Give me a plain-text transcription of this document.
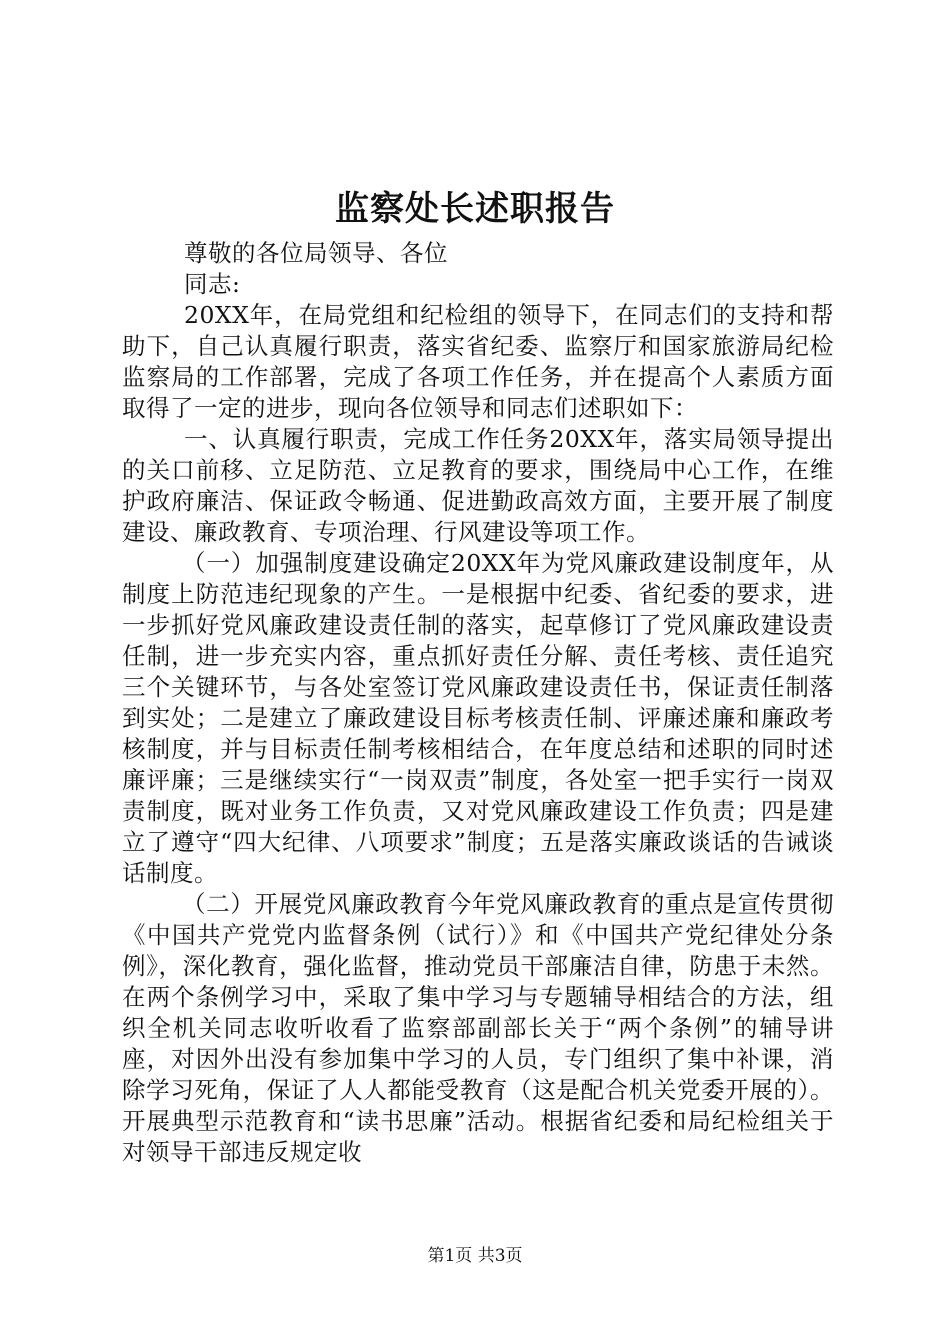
监察处长述职报告

尊敬的各位局领导、各位

同志:

20XX年，在局党组和纪检组的领导下，在同志们的支持和帮助下，自己认真履行职责，落实省纪委、监察厅和国家旅游局纪检监察局的工作部署，完成了各项工作任务，并在提高个人素质方面取得了一定的进步，现向各位领导和同志们述职如下：

一、认真履行职责，完成工作任务20XX年，落实局领导提出的关口前移、立足防范、立足教育的要求，围绕局中心工作，在维护政府廉洁、保证政令畅通、促进勤政高效方面，主要开展了制度建设、廉政教育、专项治理、行风建设等项工作。

（一）加强制度建设确定20XX年为党风廉政建设制度年，从制度上防范违纪现象的产生。一是根据中纪委、省纪委的要求，进一步抓好党风廉政建设责任制的落实，起草修订了党风廉政建设责任制，进一步充实内容，重点抓好责任分解、责任考核、责任追究三个关键环节，与各处室签订党风廉政建设责任书，保证责任制落到实处；二是建立了廉政建设目标考核责任制、评廉述廉和廉政考核制度，并与目标责任制考核相结合，在年度总结和述职的同时述廉评廉；三是继续实行“一岗双责”制度，各处室一把手实行一岗双责制度，既对业务工作负责，又对党风廉政建设工作负责；四是建立了遵守“四大纪律、八项要求”制度；五是落实廉政谈话的告诫谈话制度。

（二）开展党风廉政教育今年党风廉政教育的重点是宣传贯彻《中国共产党党内监督条例（试行）》和《中国共产党纪律处分条例》，深化教育，强化监督，推动党员干部廉洁自律，防患于未然。在两个条例学习中，采取了集中学习与专题辅导相结合的方法，组织全机关同志收听收看了监察部副部长关于“两个条例”的辅导讲座，对因外出没有参加集中学习的人员，专门组织了集中补课，消除学习死角，保证了人人都能受教育（这是配合机关党委开展的）。开展典型示范教育和“读书思廉”活动。根据省纪委和局纪检组关于对领导干部违反规定收

第1页 共3页
